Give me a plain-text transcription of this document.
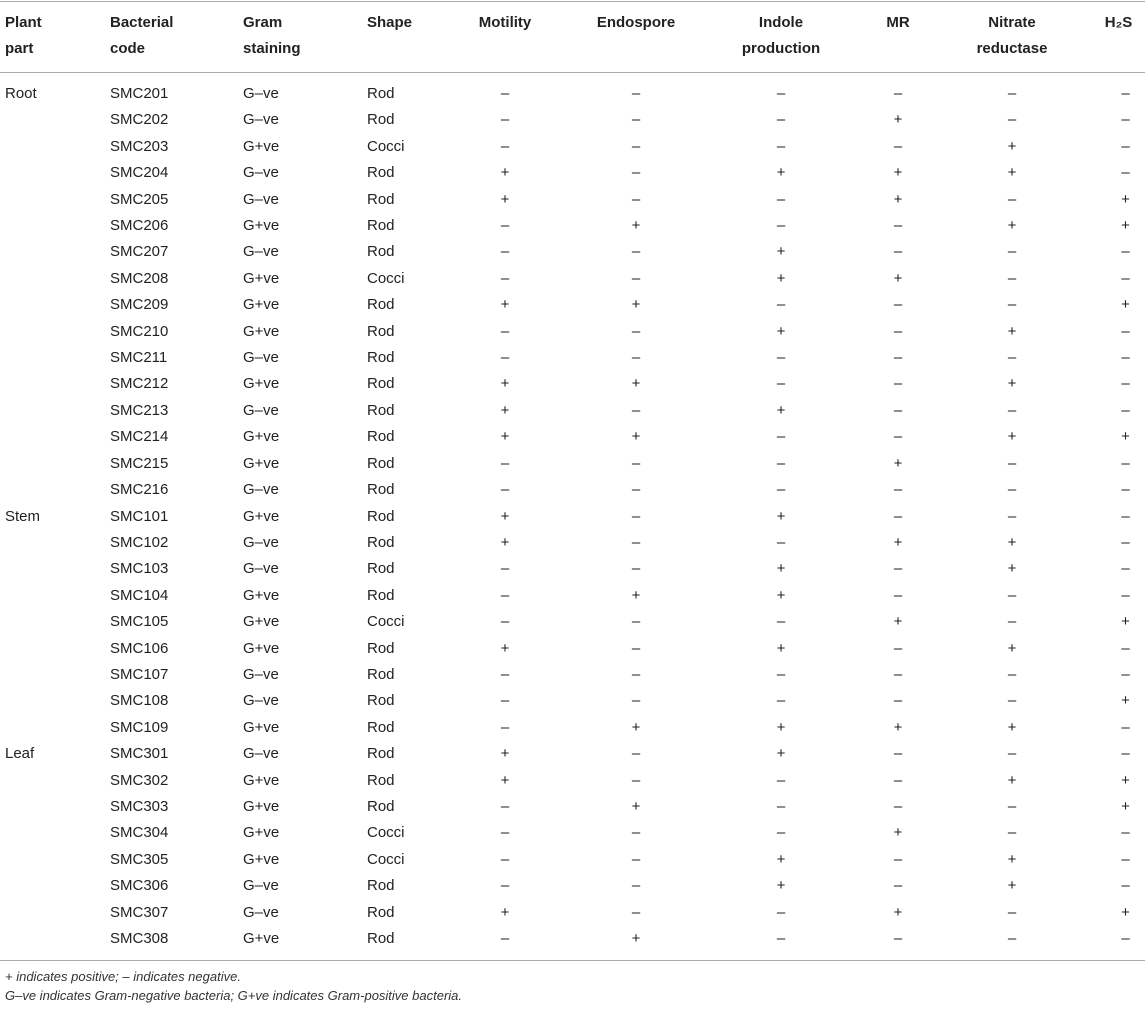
Plant part	Bacterial code	Gram staining	Shape	Motility	Endospore	Indole production	MR	Nitrate reductase	H₂S
Root	SMC201	G–ve	Rod	–	–	–	–	–	–
	SMC202	G–ve	Rod	–	–	–	+	–	–
	SMC203	G+ve	Cocci	–	–	–	–	+	–
	SMC204	G–ve	Rod	+	–	+	+	+	–
	SMC205	G–ve	Rod	+	–	–	+	–	+
	SMC206	G+ve	Rod	–	+	–	–	+	+
	SMC207	G–ve	Rod	–	–	+	–	–	–
	SMC208	G+ve	Cocci	–	–	+	+	–	–
	SMC209	G+ve	Rod	+	+	–	–	–	+
	SMC210	G+ve	Rod	–	–	+	–	+	–
	SMC211	G–ve	Rod	–	–	–	–	–	–
	SMC212	G+ve	Rod	+	+	–	–	+	–
	SMC213	G–ve	Rod	+	–	+	–	–	–
	SMC214	G+ve	Rod	+	+	–	–	+	+
	SMC215	G+ve	Rod	–	–	–	+	–	–
	SMC216	G–ve	Rod	–	–	–	–	–	–
Stem	SMC101	G+ve	Rod	+	–	+	–	–	–
	SMC102	G–ve	Rod	+	–	–	+	+	–
	SMC103	G–ve	Rod	–	–	+	–	+	–
	SMC104	G+ve	Rod	–	+	+	–	–	–
	SMC105	G+ve	Cocci	–	–	–	+	–	+
	SMC106	G+ve	Rod	+	–	+	–	+	–
	SMC107	G–ve	Rod	–	–	–	–	–	–
	SMC108	G–ve	Rod	–	–	–	–	–	+
	SMC109	G+ve	Rod	–	+	+	+	+	–
Leaf	SMC301	G–ve	Rod	+	–	+	–	–	–
	SMC302	G+ve	Rod	+	–	–	–	+	+
	SMC303	G+ve	Rod	–	+	–	–	–	+
	SMC304	G+ve	Cocci	–	–	–	+	–	–
	SMC305	G+ve	Cocci	–	–	+	–	+	–
	SMC306	G–ve	Rod	–	–	+	–	+	–
	SMC307	G–ve	Rod	+	–	–	+	–	+
	SMC308	G+ve	Rod	–	+	–	–	–	–

+ indicates positive; – indicates negative.

G–ve indicates Gram-negative bacteria; G+ve indicates Gram-positive bacteria.
